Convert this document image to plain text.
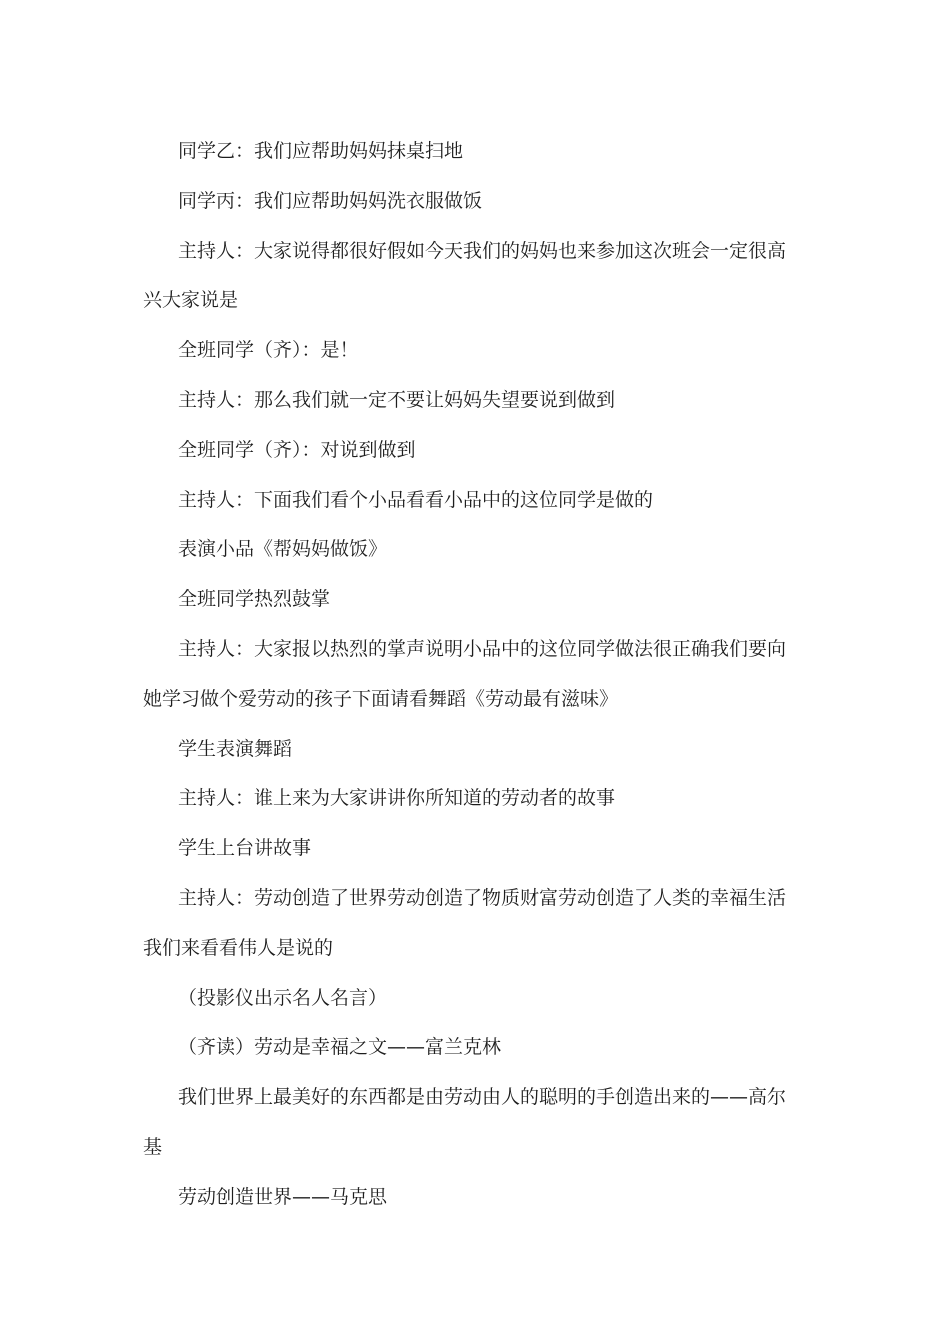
同学乙：我们应帮助妈妈抹桌扫地
同学丙：我们应帮助妈妈洗衣服做饭
主持人：大家说得都很好假如今天我们的妈妈也来参加这次班会一定很高
兴大家说是
全班同学（齐）：是！
主持人：那么我们就一定不要让妈妈失望要说到做到
全班同学（齐）：对说到做到
主持人：下面我们看个小品看看小品中的这位同学是做的
表演小品《帮妈妈做饭》
全班同学热烈鼓掌
主持人：大家报以热烈的掌声说明小品中的这位同学做法很正确我们要向
她学习做个爱劳动的孩子下面请看舞蹈《劳动最有滋味》
学生表演舞蹈
主持人：谁上来为大家讲讲你所知道的劳动者的故事
学生上台讲故事
主持人：劳动创造了世界劳动创造了物质财富劳动创造了人类的幸福生活
我们来看看伟人是说的
（投影仪出示名人名言）
（齐读）劳动是幸福之文——富兰克林
我们世界上最美好的东西都是由劳动由人的聪明的手创造出来的——高尔
基
劳动创造世界——马克思
